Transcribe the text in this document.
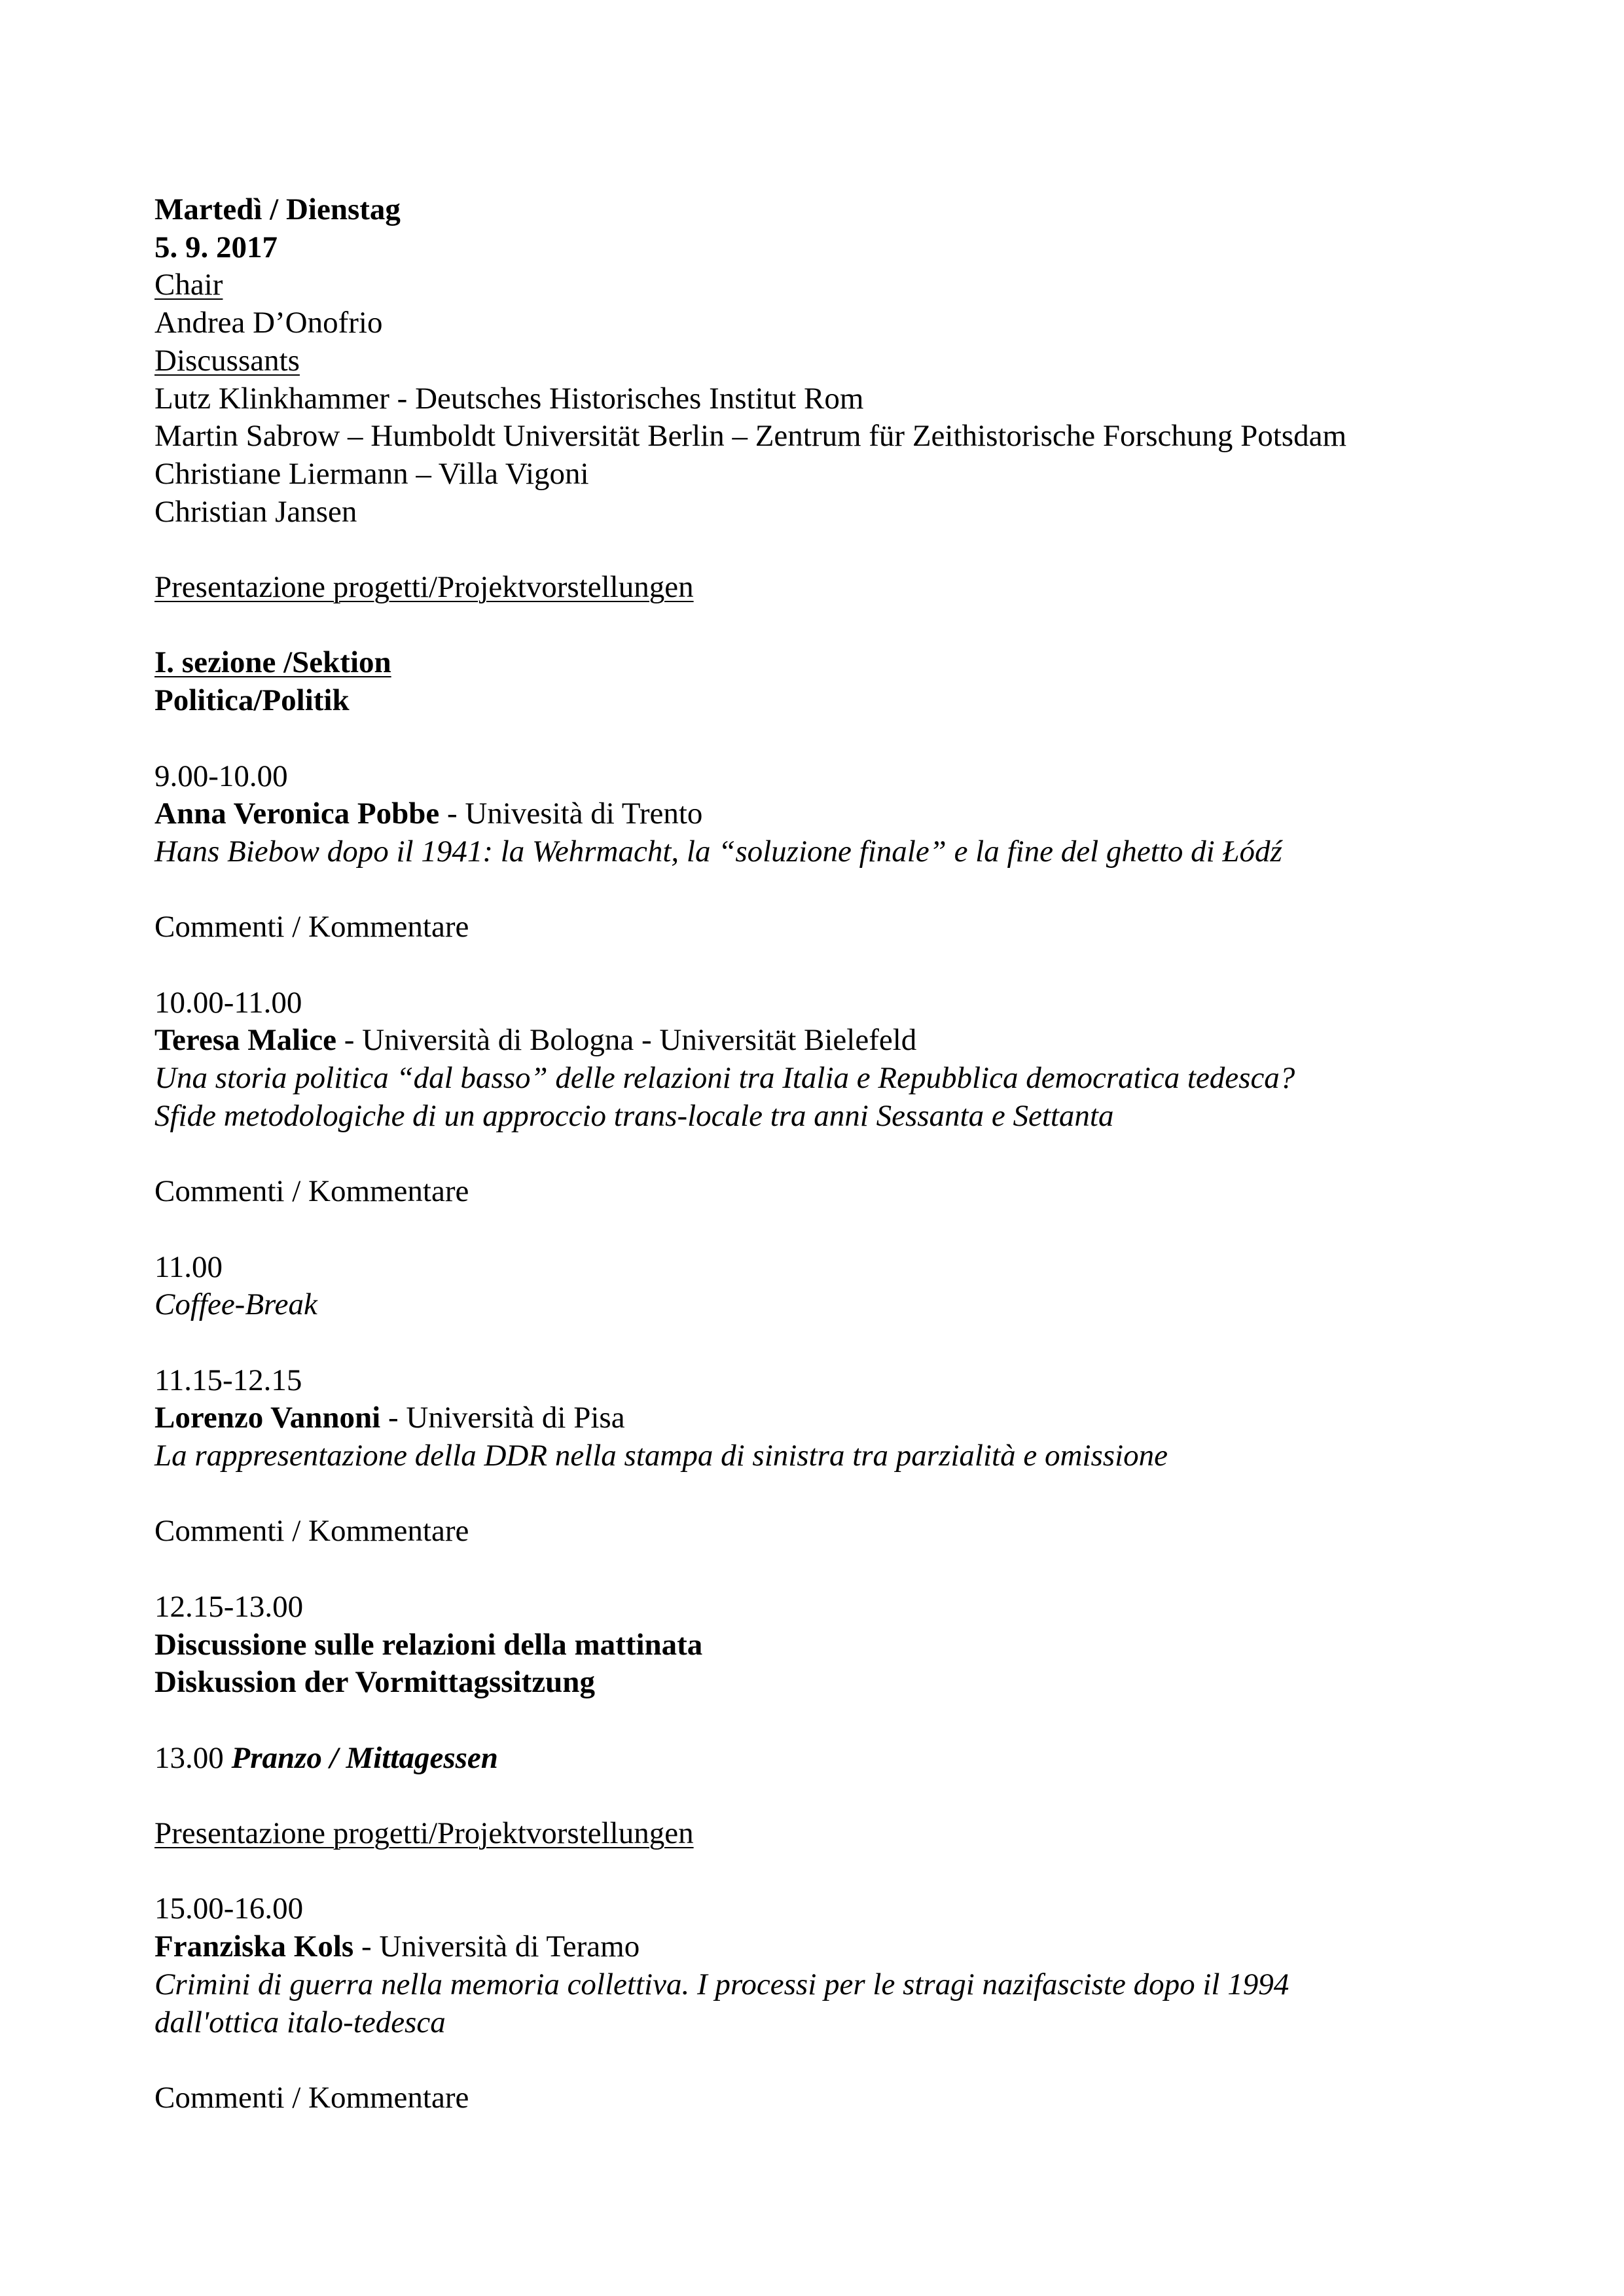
Martedì / Dienstag
5. 9. 2017
Chair
Andrea D’Onofrio
Discussants
Lutz Klinkhammer - Deutsches Historisches Institut Rom
Martin Sabrow – Humboldt Universität Berlin – Zentrum für Zeithistorische Forschung Potsdam
Christiane Liermann – Villa Vigoni
Christian Jansen
Presentazione progetti/Projektvorstellungen
I. sezione /Sektion
Politica/Politik
9.00-10.00
Anna Veronica Pobbe - Univesità di Trento
Hans Biebow dopo il 1941: la Wehrmacht, la “soluzione finale” e la fine del ghetto di Łódź
Commenti / Kommentare
10.00-11.00
Teresa Malice - Università di Bologna - Universität Bielefeld
Una storia politica “dal basso” delle relazioni tra Italia e Repubblica democratica tedesca?
Sfide metodologiche di un approccio trans-locale tra anni Sessanta e Settanta
Commenti / Kommentare
11.00
Coffee-Break
11.15-12.15
Lorenzo Vannoni - Università di Pisa
La rappresentazione della DDR nella stampa di sinistra tra parzialità e omissione
Commenti / Kommentare
12.15-13.00
Discussione sulle relazioni della mattinata
Diskussion der Vormittagssitzung
13.00 Pranzo / Mittagessen
Presentazione progetti/Projektvorstellungen
15.00-16.00
Franziska Kols - Università di Teramo
Crimini di guerra nella memoria collettiva. I processi per le stragi nazifasciste dopo il 1994
dall'ottica italo-tedesca
Commenti / Kommentare
